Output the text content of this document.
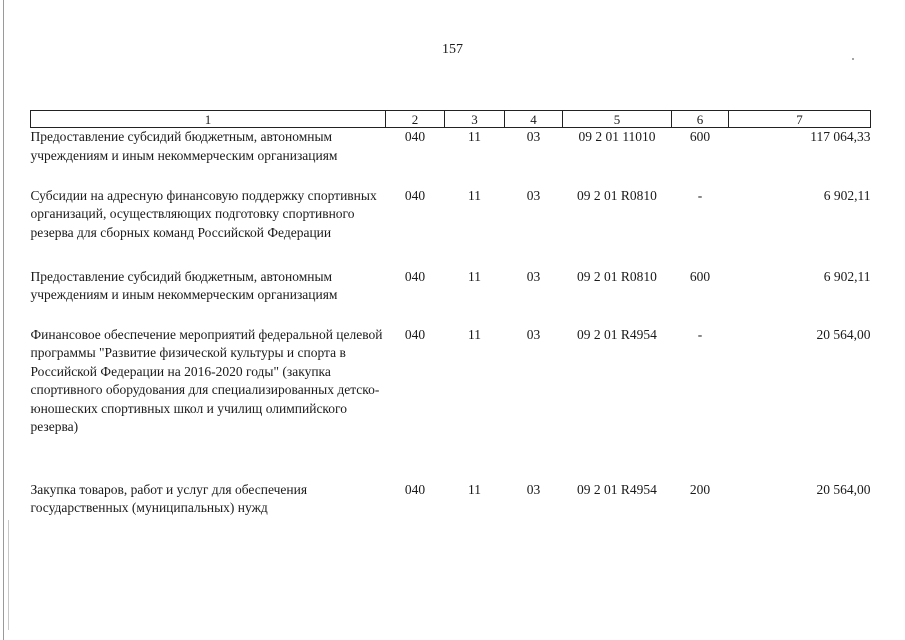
157
1	2	3	4	5	6	7
Предоставление субсидий бюджетным, автономным учреждениям и иным некоммерческим организациям	040	11	03	09 2 01 11010	600	117 064,33
Субсидии на адресную финансовую поддержку спортивных организаций, осуществляющих подготовку спортивного резерва для сборных команд Российской Федерации	040	11	03	09 2 01 R0810	-	6 902,11
Предоставление субсидий бюджетным, автономным учреждениям и иным некоммерческим организациям	040	11	03	09 2 01 R0810	600	6 902,11
Финансовое обеспечение мероприятий федеральной целевой программы "Развитие физической культуры и спорта в Российской Федерации на 2016-2020 годы" (закупка спортивного оборудования для специализированных детско-юношеских спортивных школ и училищ олимпийского резерва)	040	11	03	09 2 01 R4954	-	20 564,00
Закупка товаров, работ и услуг для обеспечения государственных (муниципальных) нужд	040	11	03	09 2 01 R4954	200	20 564,00
